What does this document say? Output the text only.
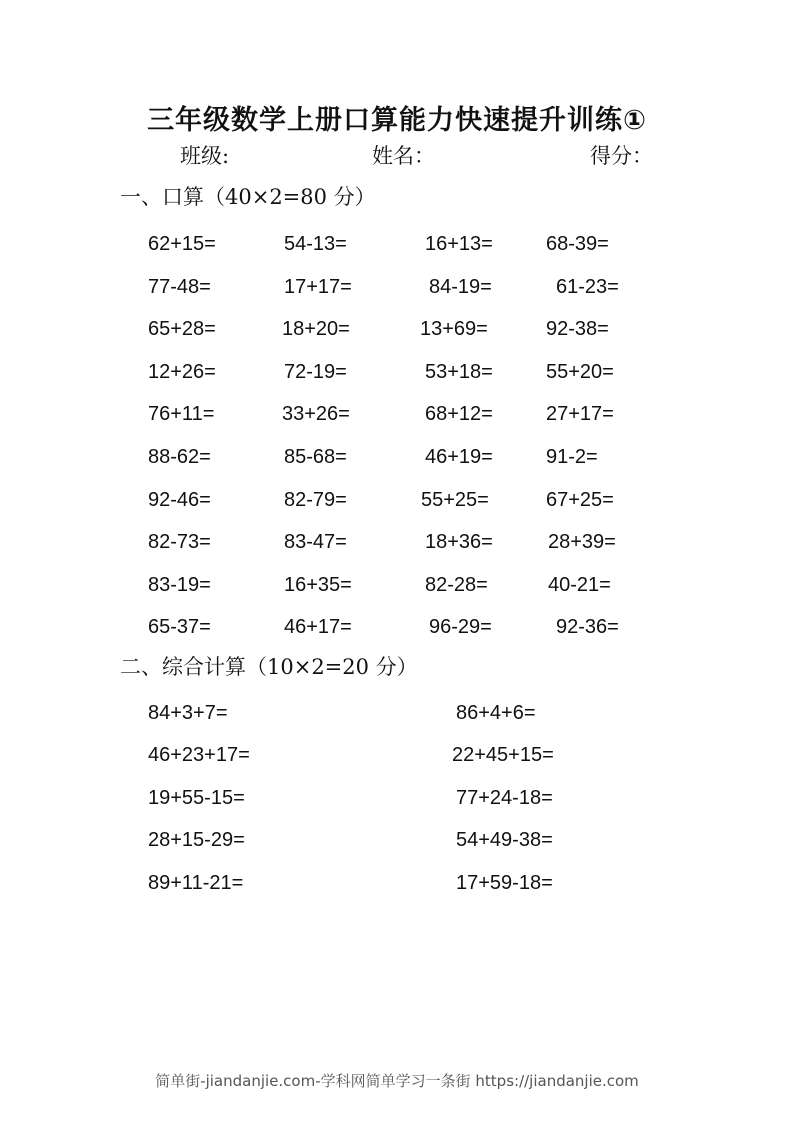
三年级数学上册口算能力快速提升训练①
班级:	姓名：	得分：
一、口算（40×2=80 分）
62+15=	54-13=	16+13=	68-39=
77-48=	17+17=	84-19=	61-23=
65+28=	18+20=	13+69=	92-38=
12+26=	72-19=	53+18=	55+20=
76+11=	33+26=	68+12=	27+17=
88-62=	85-68=	46+19=	91-2=
92-46=	82-79=	55+25=	67+25=
82-73=	83-47=	18+36=	28+39=
83-19=	16+35=	82-28=	40-21=
65-37=	46+17=	96-29=	92-36=
二、综合计算（10×2=20 分）
84+3+7=	86+4+6=
46+23+17=	22+45+15=
19+55-15=	77+24-18=
28+15-29=	54+49-38=
89+11-21=	17+59-18=
简单街-jiandanjie.com-学科网简单学习一条街 https://jiandanjie.com
